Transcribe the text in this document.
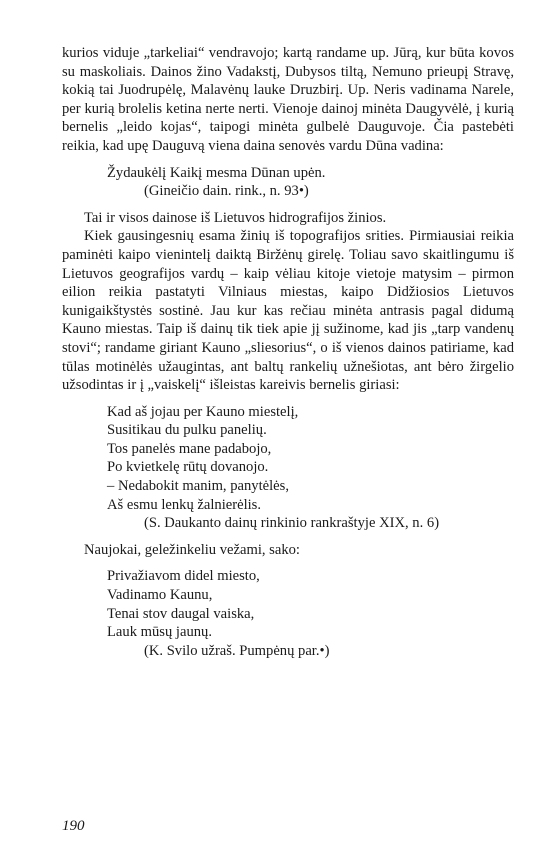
kurios viduje „tarkeliai“ vendravojo; kartą randame up. Jūrą, kur būta kovos su maskoliais. Dainos žino Vadakstį, Dubysos tiltą, Nemuno prieupį Stravę, kokią tai Juodrupėlę, Malavėnų lauke Druzbirį. Up. Neris vadinama Narele, per kurią brolelis ketina nerte nerti. Vienoje dainoj minėta Daugyvėlė, į kurią bernelis „leido kojas“, taipogi minėta gulbelė Dauguvoje. Čia pastebėti reikia, kad upę Dauguvą viena daina senovės vardu Dūna vadina:

Žydaukėlį Kaikį mesma Dūnan upėn.
(Gineičio dain. rink., n. 93•)

Tai ir visos dainose iš Lietuvos hidrografijos žinios.

Kiek gausingesnių esama žinių iš topografijos srities. Pirmiausiai reikia paminėti kaipo vienintelį daiktą Biržėnų girelę. Toliau savo skaitlingumu iš Lietuvos geografijos vardų – kaip vėliau kitoje vietoje matysim – pirmon eilion reikia pastatyti Vilniaus miestas, kaipo Didžiosios Lietuvos kunigaikštystės sostinė. Jau kur kas rečiau minėta antrasis pagal didumą Kauno miestas. Taip iš dainų tik tiek apie jį sužinome, kad jis „tarp vandenų stovi“; randame giriant Kauno „sliesorius“, o iš vienos dainos patiriame, kad tūlas motinėlės užaugintas, ant baltų rankelių užnešiotas, ant bėro žirgelio užsodintas ir į „vaiskelį“ išleistas kareivis bernelis giriasi:

Kad aš jojau per Kauno miestelį,
Susitikau du pulku panelių.
Tos panelės mane padabojo,
Po kvietkelę rūtų dovanojo.
– Nedabokit manim, panytėlės,
Aš esmu lenkų žalnierėlis.
(S. Daukanto dainų rinkinio rankraštyje XIX, n. 6)

Naujokai, geležinkeliu vežami, sako:

Privažiavom didel miesto,
Vadinamo Kaunu,
Tenai stov daugal vaiska,
Lauk mūsų jaunų.
(K. Svilo užraš. Pumpėnų par.•)
190
